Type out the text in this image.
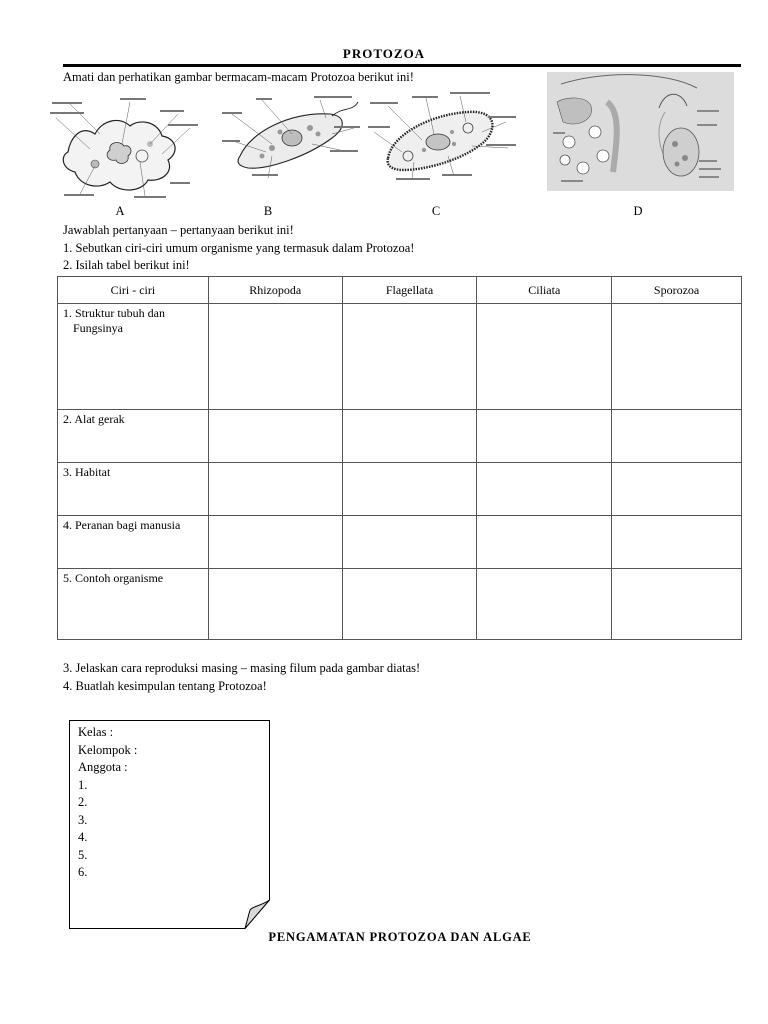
PROTOZOA
Amati dan perhatikan gambar bermacam-macam Protozoa berikut ini!
A	B	C	D
Jawablah pertanyaan – pertanyaan berikut ini!
1. Sebutkan ciri-ciri umum organisme yang termasuk dalam Protozoa!
2. Isilah tabel berikut ini!
Ciri - ciri	Rhizopoda	Flagellata	Ciliata	Sporozoa

1. Struktur tubuh dan
Fungsinya				

2. Alat gerak				

3. Habitat				

4. Peranan bagi manusia				

5. Contoh organisme				

3. Jelaskan cara reproduksi masing – masing filum pada gambar diatas!
4. Buatlah kesimpulan tentang Protozoa!
Kelas :
Kelompok :
Anggota :
1.
2.
3.
4.
5.
6.
PENGAMATAN PROTOZOA DAN ALGAE
